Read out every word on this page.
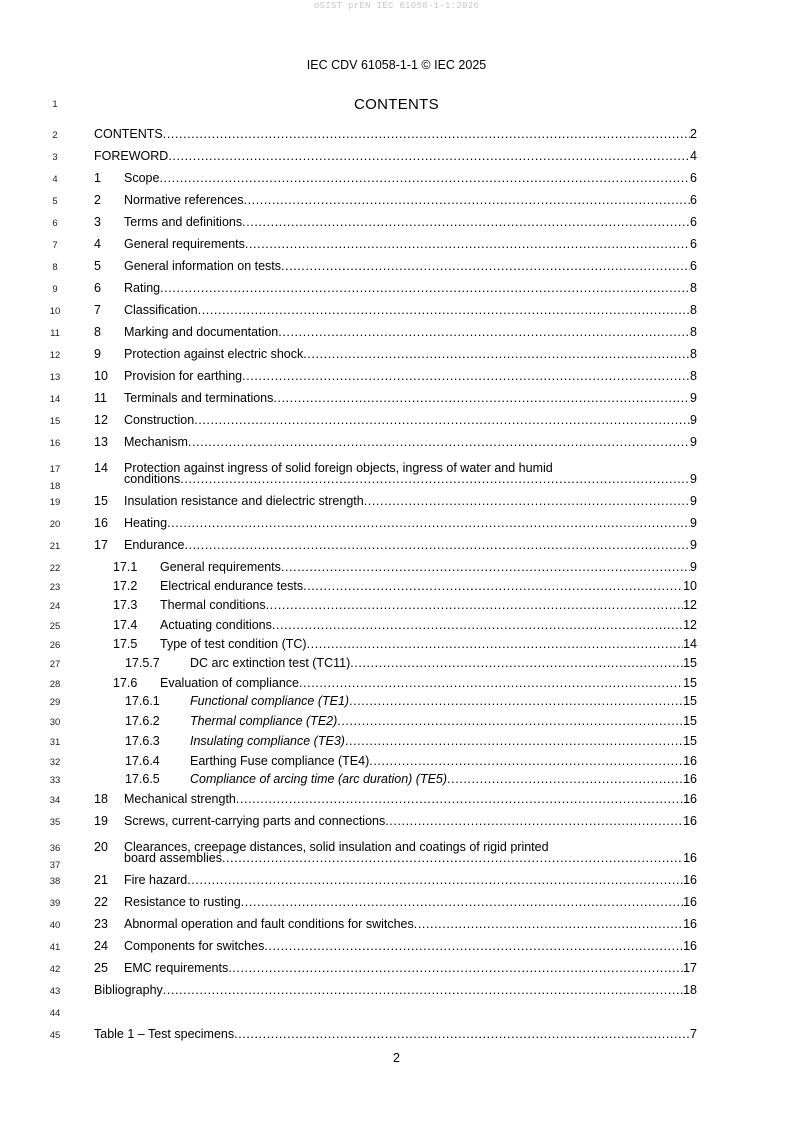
oSIST prEN IEC 61058-1-1:2026
IEC CDV 61058-1-1 © IEC 2025
1	CONTENTS
2	CONTENTS .....	2
3	FOREWORD .....	4
4	1 Scope .....	6
5	2 Normative references .....	6
6	3 Terms and definitions .....	6
7	4 General requirements .....	6
8	5 General information on tests .....	6
9	6 Rating .....	8
10	7 Classification .....	8
11	8 Marking and documentation .....	8
12	9 Protection against electric shock .....	8
13	10 Provision for earthing .....	8
14	11 Terminals and terminations .....	9
15	12 Construction .....	9
16	13 Mechanism .....	9
17
18
14 Protection against ingress of solid foreign objects, ingress of water and humid
conditions .....	9
19	15 Insulation resistance and dielectric strength .....	9
20	16 Heating .....	9
21	17 Endurance .....	9
22	17.1 General requirements .....	9
23	17.2 Electrical endurance tests .....	10
24	17.3 Thermal conditions .....	12
25	17.4 Actuating conditions .....	12
26	17.5 Type of test condition (TC) .....	14
27	17.5.7 DC arc extinction test (TC11) .....	15
28	17.6 Evaluation of compliance .....	15
29	17.6.1 Functional compliance (TE1) .....	15
30	17.6.2 Thermal compliance (TE2) .....	15
31	17.6.3 Insulating compliance (TE3) .....	15
32	17.6.4 Earthing Fuse compliance (TE4) .....	16
33	17.6.5 Compliance of arcing time (arc duration) (TE5) .....	16
34	18 Mechanical strength .....	16
35	19 Screws, current-carrying parts and connections .....	16
36
37
20 Clearances, creepage distances, solid insulation and coatings of rigid printed
board assemblies .....	16
38	21 Fire hazard .....	16
39	22 Resistance to rusting .....	16
40	23 Abnormal operation and fault conditions for switches .....	16
41	24 Components for switches .....	16
42	25 EMC requirements .....	17
43	Bibliography .....	18
44
45	Table 1 – Test specimens .....	7
2
